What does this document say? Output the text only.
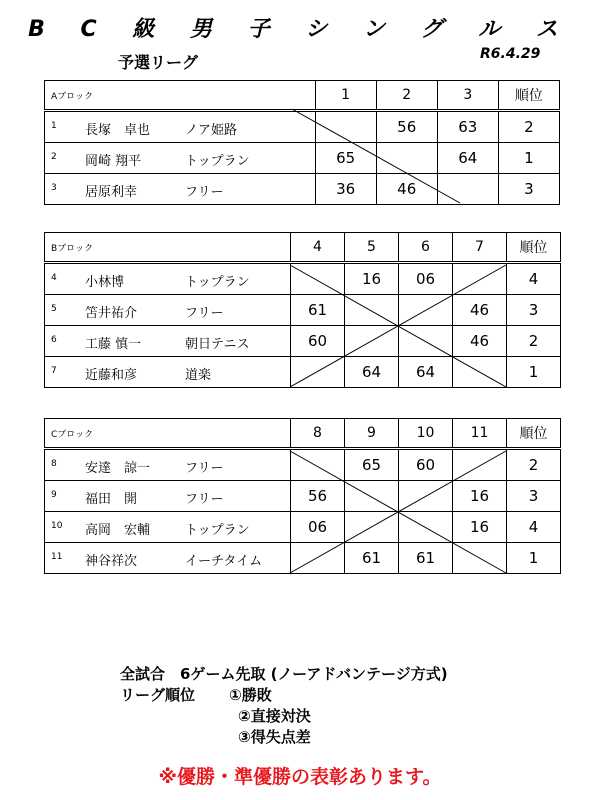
B C 級 男 子 シ ン グ ル ス
予選リーグ	R6.4.29
Aブロック	1	2	3	順位

1 長塚　卓也 ノア姫路		56	63	2

2 岡崎 翔平 トップラン	65		64	1

3 居原利幸 フリー	36	46		3
Bブロック	4	5	6	7	順位

4 小林博 トップラン		16	06		4

5 笘井祐介 フリー	61			46	3

6 工藤 慎一 朝日テニス	60			46	2

7 近藤和彦 道楽		64	64		1
Cブロック	8	9	10	11	順位

8 安達　諒一 フリー		65	60		2

9 福田　開 フリー	56			16	3

10 高岡　宏輔 トップラン	06			16	4

11 神谷祥次 イーチタイム		61	61		1
全試合　6ゲーム先取 (ノーアドバンテージ方式)
リーグ順位 ①勝敗
②直接対決
③得失点差
※優勝・準優勝の表彰あります。
